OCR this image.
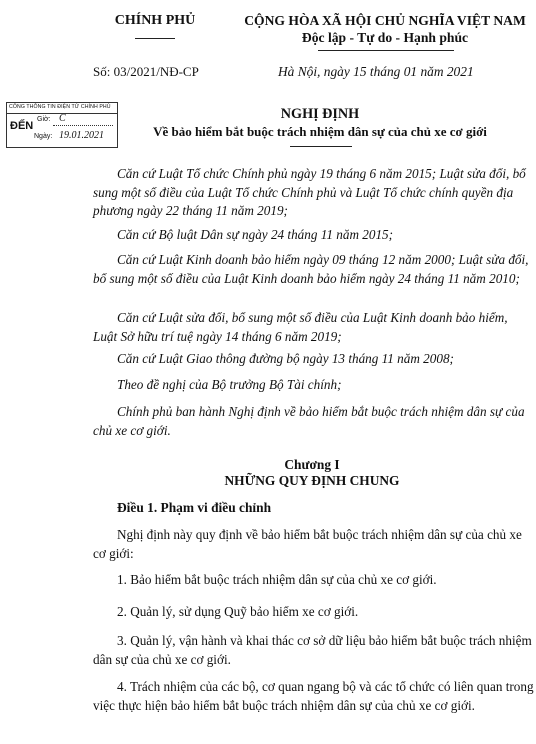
CHÍNH PHỦ	CỘNG HÒA XÃ HỘI CHỦ NGHĨA VIỆT NAM
Độc lập - Tự do - Hạnh phúc
Số: 03/2021/NĐ-CP	Hà Nội, ngày 15 tháng 01 năm 2021
CÔNG THÔNG TIN ĐIỆN TỬ CHÍNH PHỦ
ĐẾN
Giờ: C
Ngày: 19.01.2021
NGHỊ ĐỊNH
Về bảo hiểm bắt buộc trách nhiệm dân sự của chủ xe cơ giới
Căn cứ Luật Tổ chức Chính phủ ngày 19 tháng 6 năm 2015; Luật sửa đổi, bổ sung một số điều của Luật Tổ chức Chính phủ và Luật Tổ chức chính quyền địa phương ngày 22 tháng 11 năm 2019;
Căn cứ Bộ luật Dân sự ngày 24 tháng 11 năm 2015;
Căn cứ Luật Kinh doanh bảo hiểm ngày 09 tháng 12 năm 2000; Luật sửa đổi, bổ sung một số điều của Luật Kinh doanh bảo hiểm ngày 24 tháng 11 năm 2010;
Căn cứ Luật sửa đổi, bổ sung một số điều của Luật Kinh doanh bảo hiểm, Luật Sở hữu trí tuệ ngày 14 tháng 6 năm 2019;
Căn cứ Luật Giao thông đường bộ ngày 13 tháng 11 năm 2008;
Theo đề nghị của Bộ trưởng Bộ Tài chính;
Chính phủ ban hành Nghị định về bảo hiểm bắt buộc trách nhiệm dân sự của chủ xe cơ giới.
Chương I
NHỮNG QUY ĐỊNH CHUNG
Điều 1. Phạm vi điều chỉnh
Nghị định này quy định về bảo hiểm bắt buộc trách nhiệm dân sự của chủ xe cơ giới:
1. Bảo hiểm bắt buộc trách nhiệm dân sự của chủ xe cơ giới.
2. Quản lý, sử dụng Quỹ bảo hiểm xe cơ giới.
3. Quản lý, vận hành và khai thác cơ sở dữ liệu bảo hiểm bắt buộc trách nhiệm dân sự của chủ xe cơ giới.
4. Trách nhiệm của các bộ, cơ quan ngang bộ và các tổ chức có liên quan trong việc thực hiện bảo hiểm bắt buộc trách nhiệm dân sự của chủ xe cơ giới.
